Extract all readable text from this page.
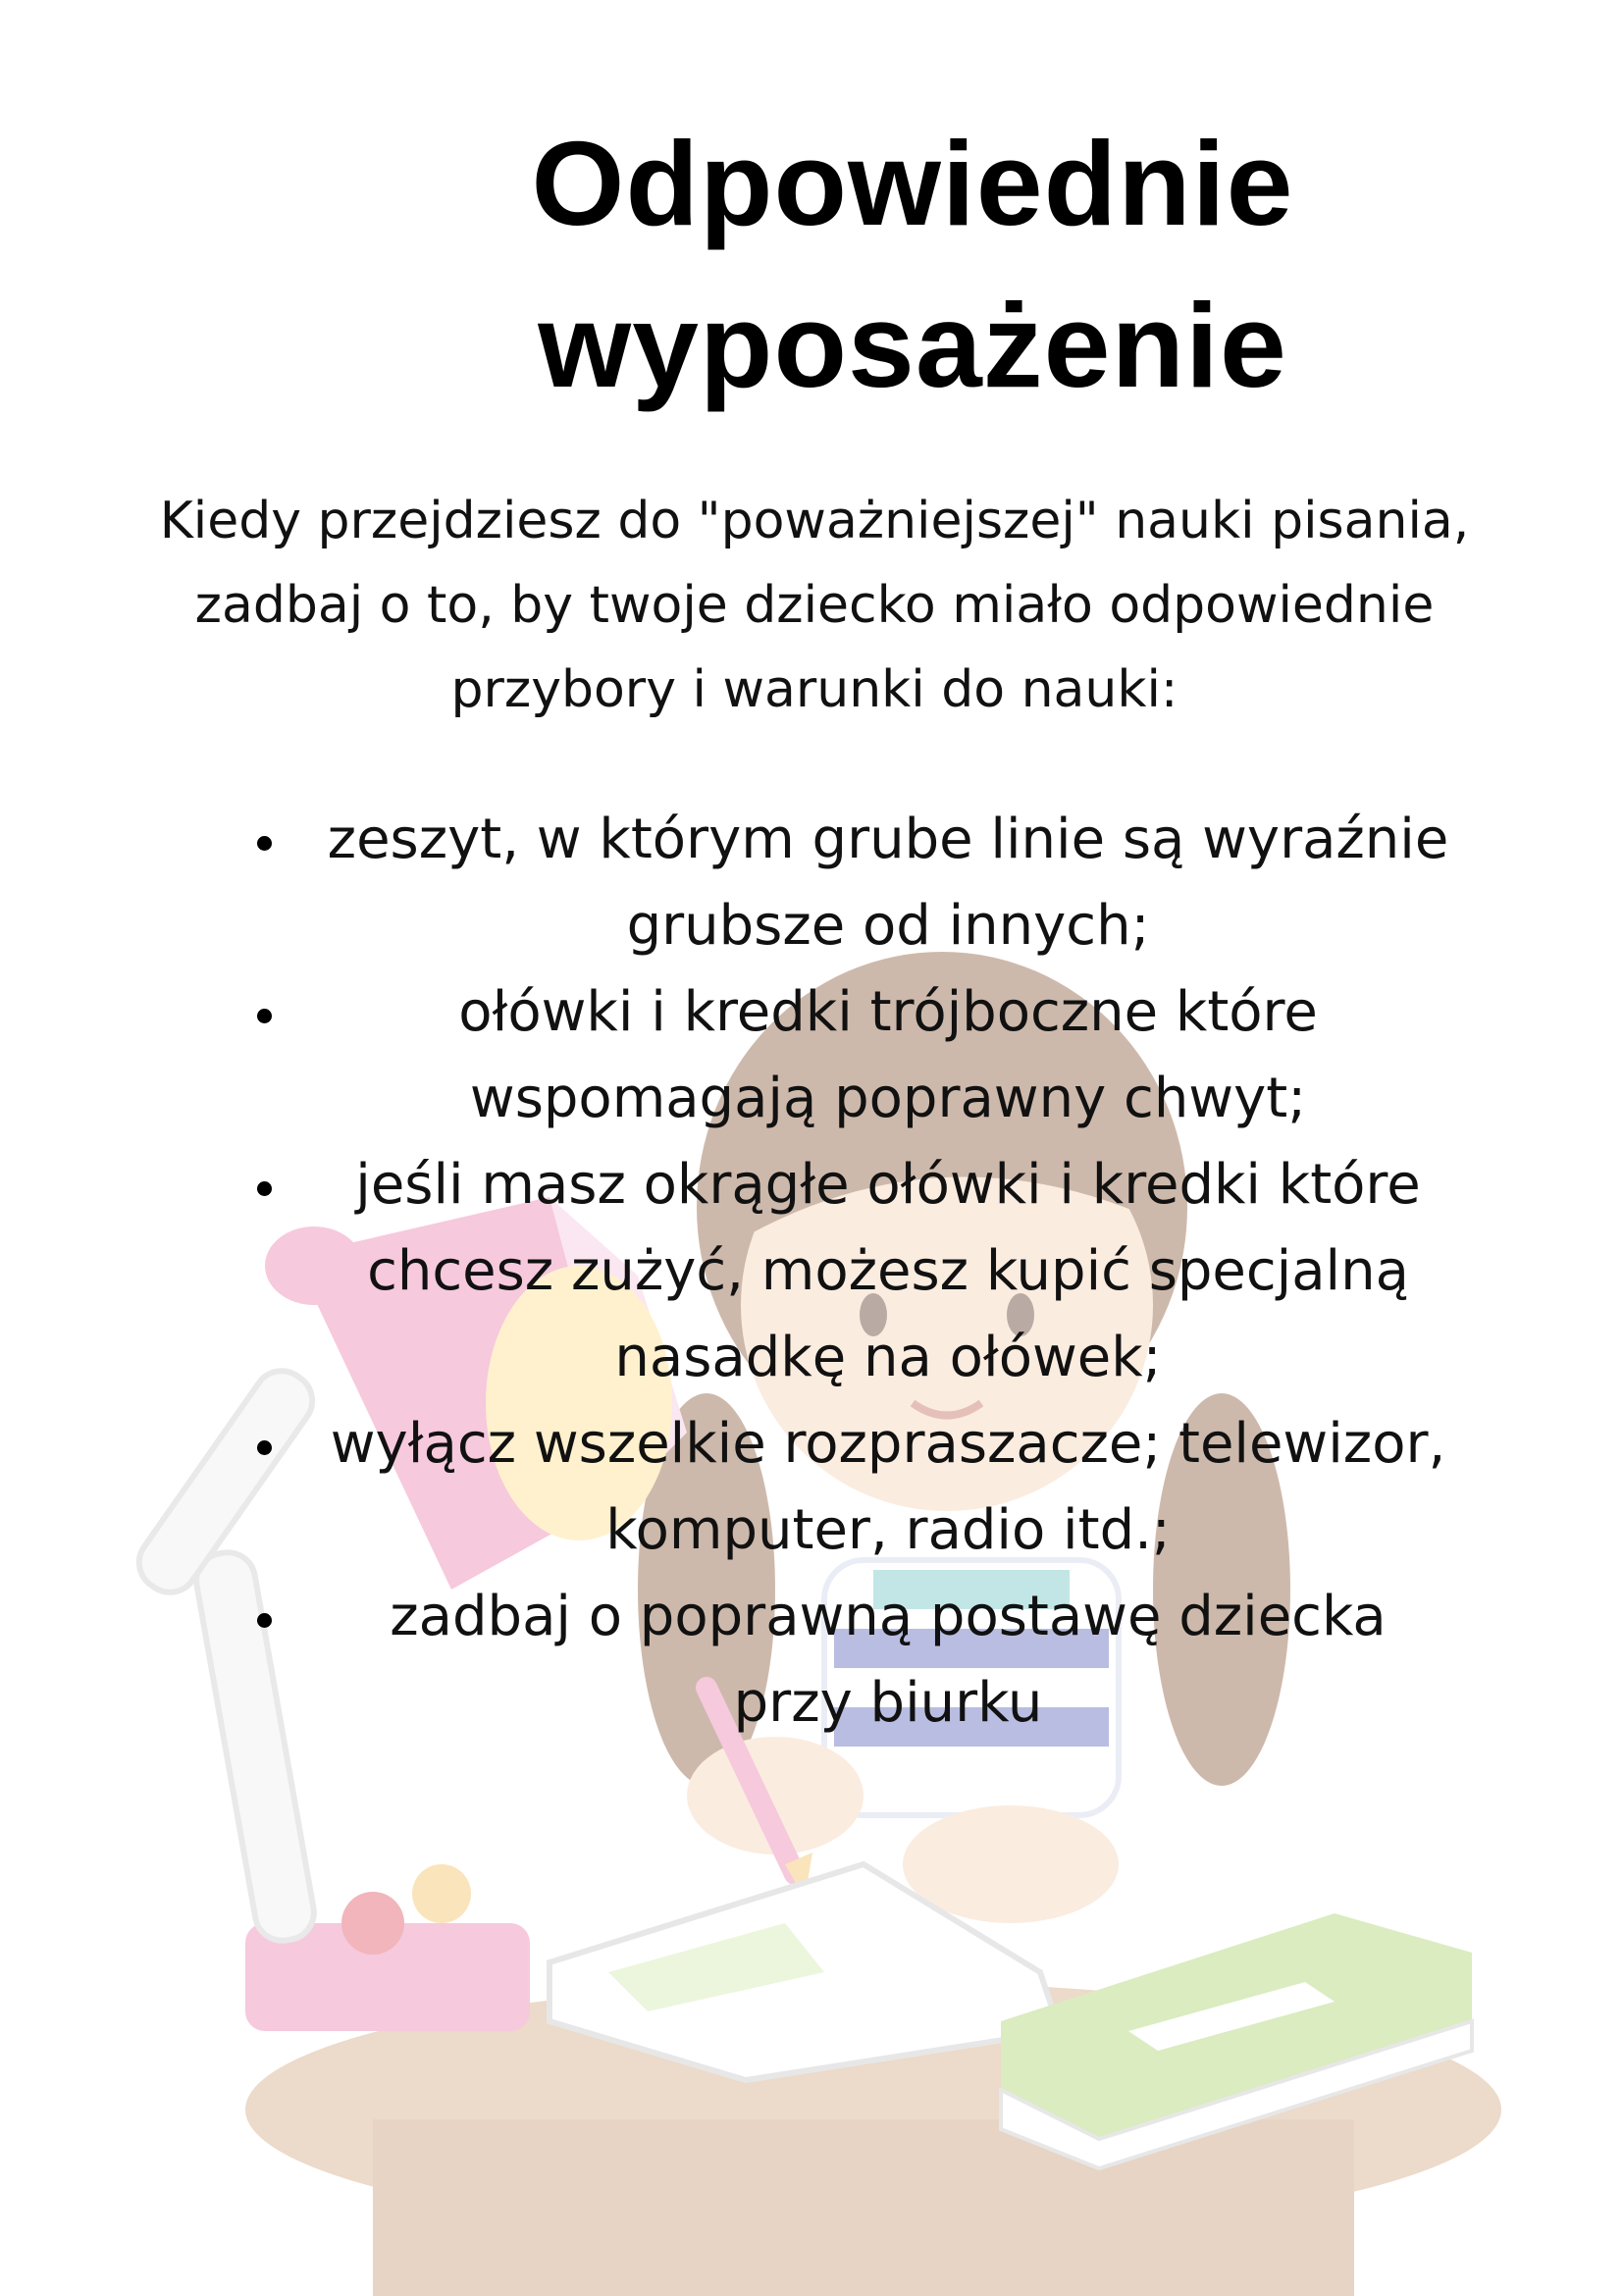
Odpowiednie
wyposażenie

Kiedy przejdziesz do "poważniejszej" nauki pisania,
zadbaj o to, by twoje dziecko miało odpowiednie
przybory i warunki do nauki:

zeszyt, w którym grube linie są wyraźnie
grubsze od innych;
ołówki i kredki trójboczne które
wspomagają poprawny chwyt;
jeśli masz okrągłe ołówki i kredki które
chcesz zużyć, możesz kupić specjalną
nasadkę na ołówek;
wyłącz wszelkie rozpraszacze; telewizor,
komputer, radio itd.;
zadbaj o poprawną postawę dziecka
przy biurku
